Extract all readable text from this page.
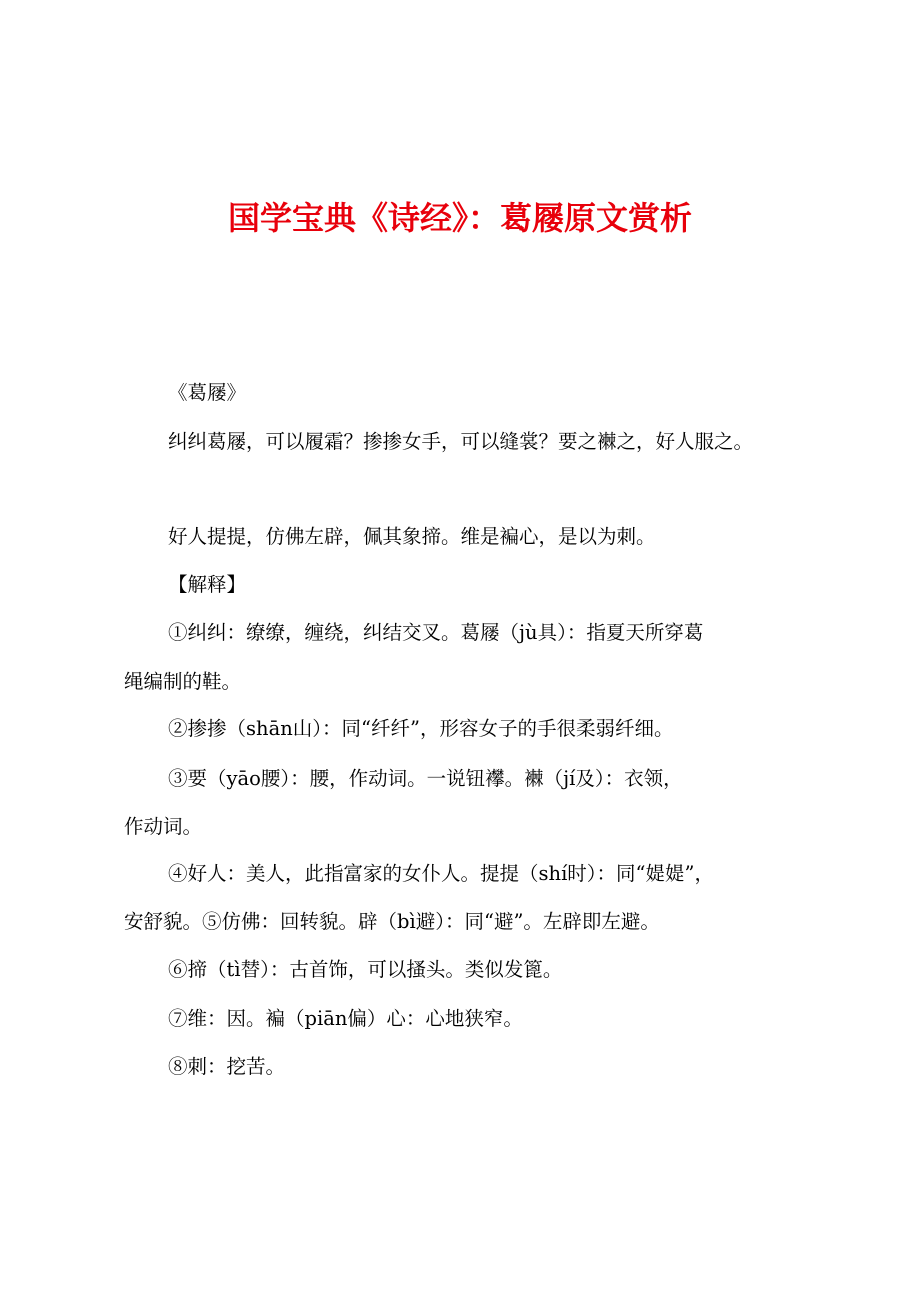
国学宝典《诗经》：葛屦原文赏析

《葛屦》

纠纠葛屦，可以履霜？掺掺女手，可以缝裳？要之襋之，好人服之。

好人提提，仿佛左辟，佩其象揥。维是褊心，是以为刺。

【解释】

①纠纠：缭缭，缠绕，纠结交叉。葛屦（jù具）：指夏天所穿葛

绳编制的鞋。

②掺掺（shān山）：同“纤纤”，形容女子的手很柔弱纤细。

③要（yāo腰）：腰，作动词。一说钮襻。襋（jí及）：衣领，

作动词。

④好人：美人，此指富家的女仆人。提提（shí时）：同“媞媞”，

安舒貌。⑤仿佛：回转貌。辟（bì避）：同“避”。左辟即左避。

⑥揥（tì替）：古首饰，可以搔头。类似发篦。

⑦维：因。褊（piān偏）心：心地狭窄。

⑧刺：挖苦。
